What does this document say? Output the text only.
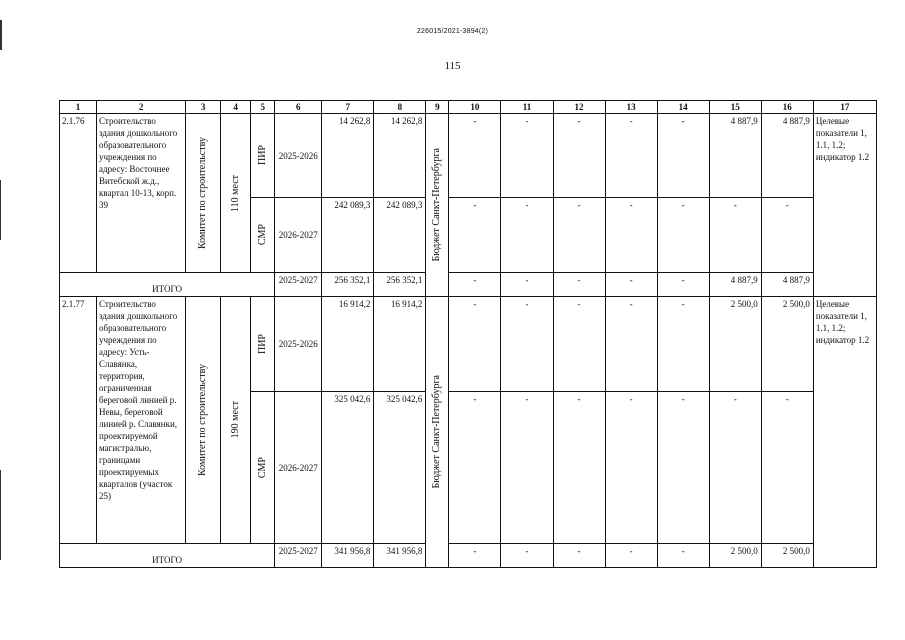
226015/2021-3894(2)
115
1	2	3	4	5	6	7	8	9	10	11	12	13	14	15	16	17
2.1.76	Строительство здания дошкольного образовательного учреждения по адресу: Восточнее Витебской ж.д., квартал 10-13, корп. 39	Комитет по строительству	110 мест	ПИР	2025-2026	14 262,8	14 262,8	Бюджет Санкт-Петербурга	-	-	-	-	-	4 887,9	4 887,9	Целевые показатели 1, 1.1, 1.2; индикатор 1.2

				СМР	2026-2027	242 089,3	242 089,3		-	-	-	-	-	-	-	
ИТОГО					2025-2027	256 352,1	256 352,1		-	-	-	-	-	4 887,9	4 887,9	
2.1.77	Строительство здания дошкольного образовательного учреждения по адресу: Усть-Славянка, территория, ограниченная береговой линией р. Невы, береговой линией р. Славянки, проектируемой магистралью, границами проектируемых кварталов (участок 25)	Комитет по строительству	190 мест	ПИР	2025-2026	16 914,2	16 914,2	Бюджет Санкт-Петербурга	-	-	-	-	-	2 500,0	2 500,0	Целевые показатели 1, 1.1, 1.2; индикатор 1.2

				СМР	2026-2027	325 042,6	325 042,6		-	-	-	-	-	-	-	
ИТОГО					2025-2027	341 956,8	341 956,8		-	-	-	-	-	2 500,0	2 500,0	
